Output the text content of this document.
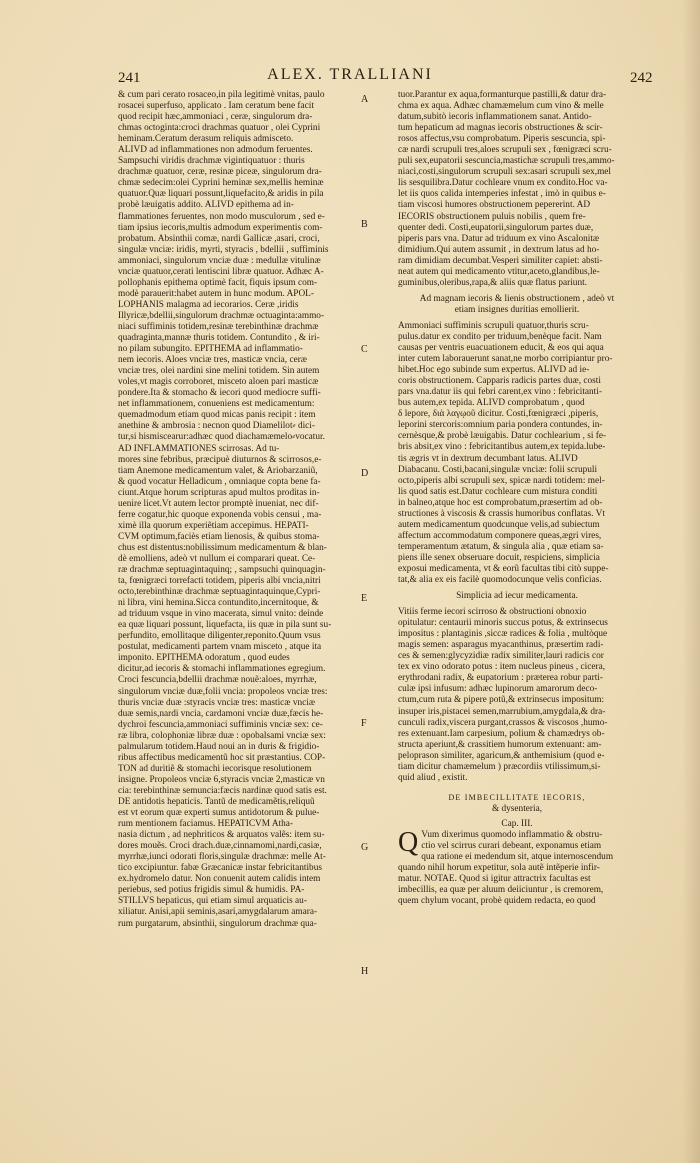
241	ALEX. TRALLIANI	242
A
B
C
D
E
F
G
H
& cum pari cerato rosaceo,in pila legitimè vnitas, paulo
rosacei superfuso, applicato . Iam ceratum bene facit
quod recipit hæc,ammoniaci , ceræ, singulorum dra-
chmas octoginta:croci drachmas quatuor , olei Cyprini
heminam.Ceratum derasum reliquis admisceto.
ALIVD ad inflammationes non admodum feruentes.
Sampsuchi viridis drachmæ vigintiquatuor : thuris
drachmæ quatuor, ceræ, resinæ piceæ, singulorum dra-
chmæ sedecim:olei Cyprini heminæ sex,mellis heminæ
quatuor.Quæ liquari possunt,liquefacito,& aridis in pila
probè læuigatis addito. ALIVD epithema ad in-
flammationes feruentes, non modo musculorum , sed e-
tiam ipsius iecoris,multis admodum experimentis com-
probatum. Absinthii comæ, nardi Gallicæ ,asari, croci,
singulæ vnciæ: iridis, myrti, styracis , bdellii , suffiminis
ammoniaci, singulorum vnciæ duæ : medullæ vitulinæ
vnciæ quatuor,cerati lentiscini libræ quatuor. Adhæc A-
pollophanis epithema optimè facit, fiquis ipsum com-
modè parauerit:habet autem in hunc modum. APOL-
LOPHANIS malagma ad iecorarios. Ceræ ,iridis
Illyricæ,bdellii,singulorum drachmæ octuaginta:ammo-
niaci suffiminis totidem,resinæ terebinthinæ drachmæ
quadraginta,mannæ thuris totidem. Contundito , & iri-
no pilam subungito. EPITHEMA ad inflammatio-
nem iecoris. Aloes vnciæ tres, masticæ vncia, ceræ
vnciæ tres, olei nardini sine melini totidem. Sin autem
voles,vt magis corroboret, misceto aloen pari masticæ
pondere.Ita & stomacho & iecori quod mediocre suffi-
net inflammationem, conueniens est medicamentum:
quemadmodum etiam quod micas panis recipit : item
anethine & ambrosia : necnon quod Diamelilot⸗ dici-
tur,si hismiscearur:adhæc quod diachamæmelo⸗vocatur.
AD INFLAMMATIONES scirrosas. Ad tu-
mores sine febribus, præcipuè diuturnos & scirrosos,e-
tiam Anemone medicamentum valet, & Ariobarzaniũ,
& quod vocatur Helladicum , omniaque copta bene fa-
ciunt.Atque horum scripturas apud multos proditas in-
uenire licet.Vt autem lector promptè inueniat, nec dif-
ferre cogatur,hic quoque exponenda vobis censui , ma-
ximè illa quorum experiẽtiam accepimus. HEPATI-
CVM optimum,faciès etiam lienosis, & quibus stoma-
chus est distentus:nobilissimum medicamentum & blan-
dè emolliens, adeò vt nullum ei comparari queat. Ce-
ræ drachmæ septuagintaquinq; , sampsuchi quinquagin-
ta, fœnigræci torrefacti totidem, piperis albi vncia,nitri
octo,terebinthinæ drachmæ septuagintaquinque,Cypri-
ni libra, vini hemina.Sicca contundito,incernitoque, &
ad triduum vsque in vino macerata, simul vnito: deinde
ea quæ liquari possunt, liquefacta, iis quæ in pila sunt su-
perfundito, emollitaque diligenter,reponito.Quum vsus
postulat, medicamenti partem vnam misceto , atque ita
imponito. EPITHEMA odoratum , quod eudes
dicitur,ad iecoris & stomachi inflammationes egregium.
Croci fescuncia,bdellii drachmæ nouẽ:aloes, myrrhæ,
singulorum vnciæ duæ,folii vncia: propoleos vnciæ tres:
thuris vnciæ duæ :styracis vnciæ tres: masticæ vnciæ
duæ semis,nardi vncia, cardamoni vnciæ duæ,fæcis he-
dychroi fescuncia,ammoniaci suffiminis vnciæ sex: ce-
ræ libra, colophoniæ libræ duæ : opobalsami vnciæ sex:
palmularum totidem.Haud noui an in duris & frigidio-
ribus affectibus medicamentũ hoc sit præstantius. COP-
TON ad duritiẽ & stomachi iecorisque resolutionem
insigne. Propoleos vnciæ 6,styracis vnciæ 2,masticæ vn
cia: terebinthinæ semuncia:fæcis nardinæ quod satis est.
DE antidotis hepaticis. Tantũ de medicamẽtis,reliquũ
est vt eorum quæ experti sumus antidotorum & pulue-
rum mentionem faciamus. HEPATICVM Atha-
nasia dictum , ad nephriticos & arquatos valẽs: item su-
dores mouẽs. Croci drach.duæ,cinnamomi,nardi,casiæ,
myrrhæ,iunci odorati floris,singulæ drachmæ: melle At-
tico excipiuntur. fabæ Græcanicæ instar febricitantibus
ex.hydromelo datur. Non conuenit autem calidis intem
periebus, sed potius frigidis simul & humidis. PA-
STILLVS hepaticus, qui etiam simul arquaticis au-
xiliatur. Anisi,apii seminis,asari,amygdalarum amara-
rum purgatarum, absinthii, singulorum drachmæ qua-
tuor.Parantur ex aqua,formanturque pastilli,& datur dra-
chma ex aqua. Adhæc chamæmelum cum vino & melle
datum,subitò iecoris inflammationem sanat. Antido-
tum hepaticum ad magnas iecoris obstructiones & scir-
rosos affectus,vsu comprobatum. Piperis sescuncia, spi-
cæ nardi scrupuli tres,aloes scrupuli sex , fœnigræci scru-
puli sex,eupatorii sescuncia,mastichæ scrupuli tres,ammo-
niaci,costi,singulorum scrupuli sex:asari scrupuli sex,mel
lis sesquilibra.Datur cochleare vnum ex condito.Hoc va-
let iis quos calida intemperies infestat , imò in quibus e-
tiam viscosi humores obstructionem pepererint. AD
IECORIS obstructionem puluis nobilis , quem fre-
quenter dedi. Costi,eupatorii,singulorum partes duæ,
piperis pars vna. Datur ad triduum ex vino Ascalonitæ
dimidium.Qui autem assumit , in dextrum latus ad ho-
ram dimidiam decumbat.Vesperi similiter capiet: absti-
neat autem qui medicamento vtitur,aceto,glandibus,le-
guminibus,oleribus,rapa,& aliis quæ flatus pariunt.

Ad magnam iecoris & lienis obstructionem , adeò vt etiam insignes duritias emollierit.

Ammoniaci suffiminis scrupuli quatuor,thuris scru-
pulus.datur ex condito per triduum,benèque facit. Nam
causas per ventris euacuationem educit, & eos qui aqua
inter cutem laborauerunt sanat,ne morbo corripiantur pro-
hibet.Hoc ego subinde sum expertus. ALIVD ad ie-
coris obstructionem. Capparis radicis partes duæ, costi
pars vna.datur iis qui febri carent,ex vino : febricitanti-
bus autem,ex tepida. ALIVD comprobatum , quod
δ lepore, διὰ λαγῳοῦ dicitur. Costi,fœnigræci ,piperis,
leporini stercoris:omnium paria pondera contundes, in-
cernèsque,& probè læuigabis. Datur cochlearium , si fe-
bris absit,ex vino : febricitantibus autem,ex tepida.lube-
tis ægris vt in dextrum decumbant latus. ALIVD
Diabacanu. Costi,bacani,singulæ vnciæ: folii scrupuli
octo,piperis albi scrupuli sex, spicæ nardi totidem: mel-
lis quod satis est.Datur cochleare cum mistura conditi
in balneo,atque hoc est comprobatum,præsertim ad ob-
structiones à viscosis & crassis humoribus conflatas. Vt
autem medicamentum quodcunque velis,ad subiectum
affectum accommodatum componere queas,ægri vires,
temperamentum ætatum, & singula alia , quæ etiam sa-
piens ille senex obseruare docuit, respiciens, simplicia
exposui medicamenta, vt & eorũ facultas tibi citò suppe-
tat,& alia ex eis facilè quomodocunque velis conficias.

Simplicia ad iecur medicamenta.

Vitiis ferme iecori scirroso & obstructioni obnoxio
opitulatur: centaurii minoris succus potus, & extrinsecus
impositus : plantaginis ,siccæ radices & folia , multòque
magis semen: asparagus myacanthinus, præsertim radi-
ces & semen:glycyzidiæ radix similiter,lauri radicis cor
tex ex vino odorato potus : item nucleus pineus , cicera,
erythrodani radix, & eupatorium : præterea robur parti-
culæ ipsi infusum: adhæc lupinorum amarorum deco-
ctum,cum ruta & pipere potũ,& extrinsecus impositum:
insuper iris,pistacei semen,marrubium,amygdala,& dra-
cunculi radix,viscera purgant,crassos & viscosos ,humo-
res extenuant.Iam carpesium, polium & chamædrys ob-
structa aperiunt,& crassitiem humorum extenuant: am-
peloprason similiter, agaricum,& anthemisium (quod e-
tiam dicitur chamæmelum ) præcordiis vtilissimum,si-
quid aliud , existit.

DE IMBECILLITATE IECORIS,

& dysenteria,

Cap. III.

Q Vum dixerimus quomodo inflammatio & obstru-
ctio vel scirrus curari debeant, exponamus etiam
qua ratione ei medendum sit, atque internoscendum
quando nihil horum expetitur, sola autẽ intẽperie infir-
matur. NOTAE. Quod si igitur attractrix facultas est
imbecillis, ea quæ per aluum deiiciuntur , is cremorem,
quem chylum vocant, probè quidem redacta, eo quod
